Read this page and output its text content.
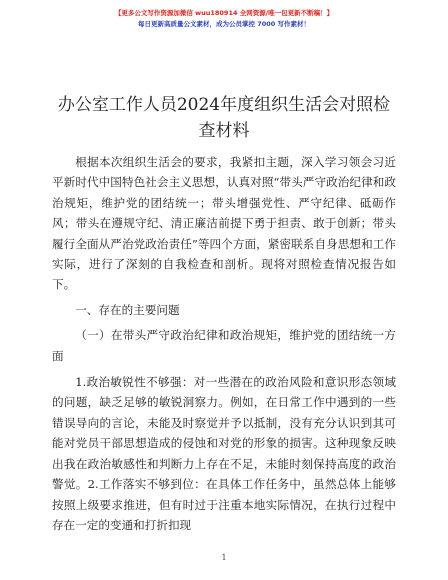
【更多公文写作资源加微信 wuu180914 全网资源/唯一包更新不断稿！】
每日更新高质量公文素材，成为公员掌控 7000 写作素材！
办公室工作人员2024年度组织生活会对照检查材料

根据本次组织生活会的要求，我紧扣主题，深入学习领会习近平新时代中国特色社会主义思想，认真对照“带头严守政治纪律和政治规矩，维护党的团结统一；带头增强党性、严守纪律、砥砺作风；带头在遵规守纪、清正廉洁前提下勇于担责、敢于创新；带头履行全面从严治党政治责任”等四个方面，紧密联系自身思想和工作实际，进行了深刻的自我检查和剖析。现将对照检查情况报告如下。

一、存在的主要问题

（一）在带头严守政治纪律和政治规矩，维护党的团结统一方面

1.政治敏锐性不够强：对一些潜在的政治风险和意识形态领域的问题，缺乏足够的敏锐洞察力。例如，在日常工作中遇到的一些错误导向的言论，未能及时察觉并予以抵制，没有充分认识到其可能对党员干部思想造成的侵蚀和对党的形象的损害。这种现象反映出我在政治敏感性和判断力上存在不足，未能时刻保持高度的政治警觉。2.工作落实不够到位：在具体工作任务中，虽然总体上能够按照上级要求推进，但有时过于注重本地实际情况，在执行过程中存在一定的变通和打折扣现

1
